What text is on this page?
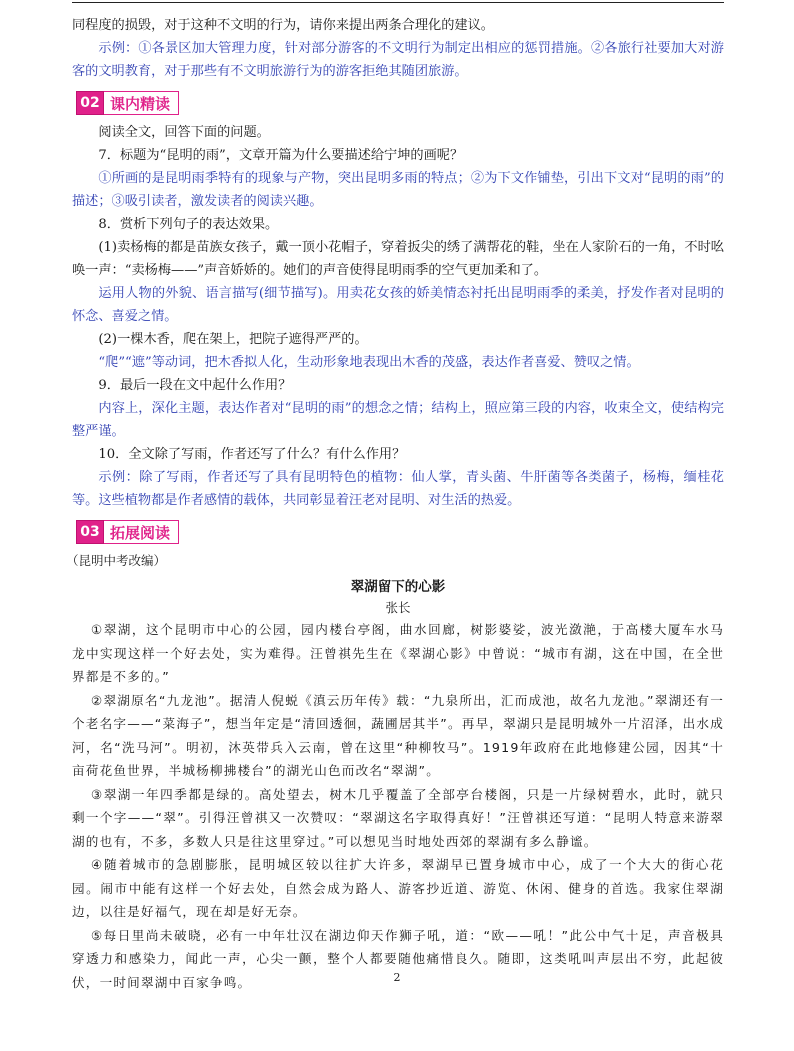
同程度的损毁，对于这种不文明的行为，请你来提出两条合理化的建议。

示例：①各景区加大管理力度，针对部分游客的不文明行为制定出相应的惩罚措施。②各旅行社要加大对游客的文明教育，对于那些有不文明旅游行为的游客拒绝其随团旅游。

02 课内精读

阅读全文，回答下面的问题。

7．标题为“昆明的雨”，文章开篇为什么要描述给宁坤的画呢？

①所画的是昆明雨季特有的现象与产物，突出昆明多雨的特点；②为下文作铺垫，引出下文对“昆明的雨”的描述；③吸引读者，激发读者的阅读兴趣。

8．赏析下列句子的表达效果。

(1)卖杨梅的都是苗族女孩子，戴一顶小花帽子，穿着扳尖的绣了满帮花的鞋，坐在人家阶石的一角，不时吆唤一声：“卖杨梅——”声音娇娇的。她们的声音使得昆明雨季的空气更加柔和了。

运用人物的外貌、语言描写(细节描写)。用卖花女孩的娇美情态衬托出昆明雨季的柔美，抒发作者对昆明的怀念、喜爱之情。

(2)一棵木香，爬在架上，把院子遮得严严的。

“爬”“遮”等动词，把木香拟人化，生动形象地表现出木香的茂盛，表达作者喜爱、赞叹之情。

9．最后一段在文中起什么作用？

内容上，深化主题，表达作者对“昆明的雨”的想念之情；结构上，照应第三段的内容，收束全文，使结构完整严谨。

10．全文除了写雨，作者还写了什么？有什么作用？

示例：除了写雨，作者还写了具有昆明特色的植物：仙人掌，青头菌、牛肝菌等各类菌子，杨梅，缅桂花等。这些植物都是作者感情的载体，共同彰显着汪老对昆明、对生活的热爱。

03 拓展阅读

（昆明中考改编）

翠湖留下的心影

张长

①翠湖，这个昆明市中心的公园，园内楼台亭阁，曲水回廊，树影婆娑，波光潋滟，于高楼大厦车水马龙中实现这样一个好去处，实为难得。汪曾祺先生在《翠湖心影》中曾说：“城市有湖，这在中国，在全世界都是不多的。”

②翠湖原名“九龙池”。据清人倪蜕《滇云历年传》载：“九泉所出，汇而成池，故名九龙池。”翠湖还有一个老名字——“菜海子”，想当年定是“清回透徊，蔬圃居其半”。再早，翠湖只是昆明城外一片沼泽，出水成河，名“洗马河”。明初，沐英带兵入云南，曾在这里“种柳牧马”。1919年政府在此地修建公园，因其“十亩荷花鱼世界，半城杨柳拂楼台”的湖光山色而改名“翠湖”。

③翠湖一年四季都是绿的。高处望去，树木几乎覆盖了全部亭台楼阁，只是一片绿树碧水，此时，就只剩一个字——“翠”。引得汪曾祺又一次赞叹：“翠湖这名字取得真好！”汪曾祺还写道：“昆明人特意来游翠湖的也有，不多，多数人只是往这里穿过。”可以想见当时地处西郊的翠湖有多么静谧。

④随着城市的急剧膨胀，昆明城区较以往扩大许多，翠湖早已置身城市中心，成了一个大大的街心花园。闹市中能有这样一个好去处，自然会成为路人、游客抄近道、游览、休闲、健身的首选。我家住翠湖边，以往是好福气，现在却是好无奈。

⑤每日里尚未破晓，必有一中年壮汉在湖边仰天作狮子吼，道：“欧——吼！”此公中气十足，声音极具穿透力和感染力，闻此一声，心尖一颤，整个人都要随他痛惜良久。随即，这类吼叫声层出不穷，此起彼伏，一时间翠湖中百家争鸣。	2
